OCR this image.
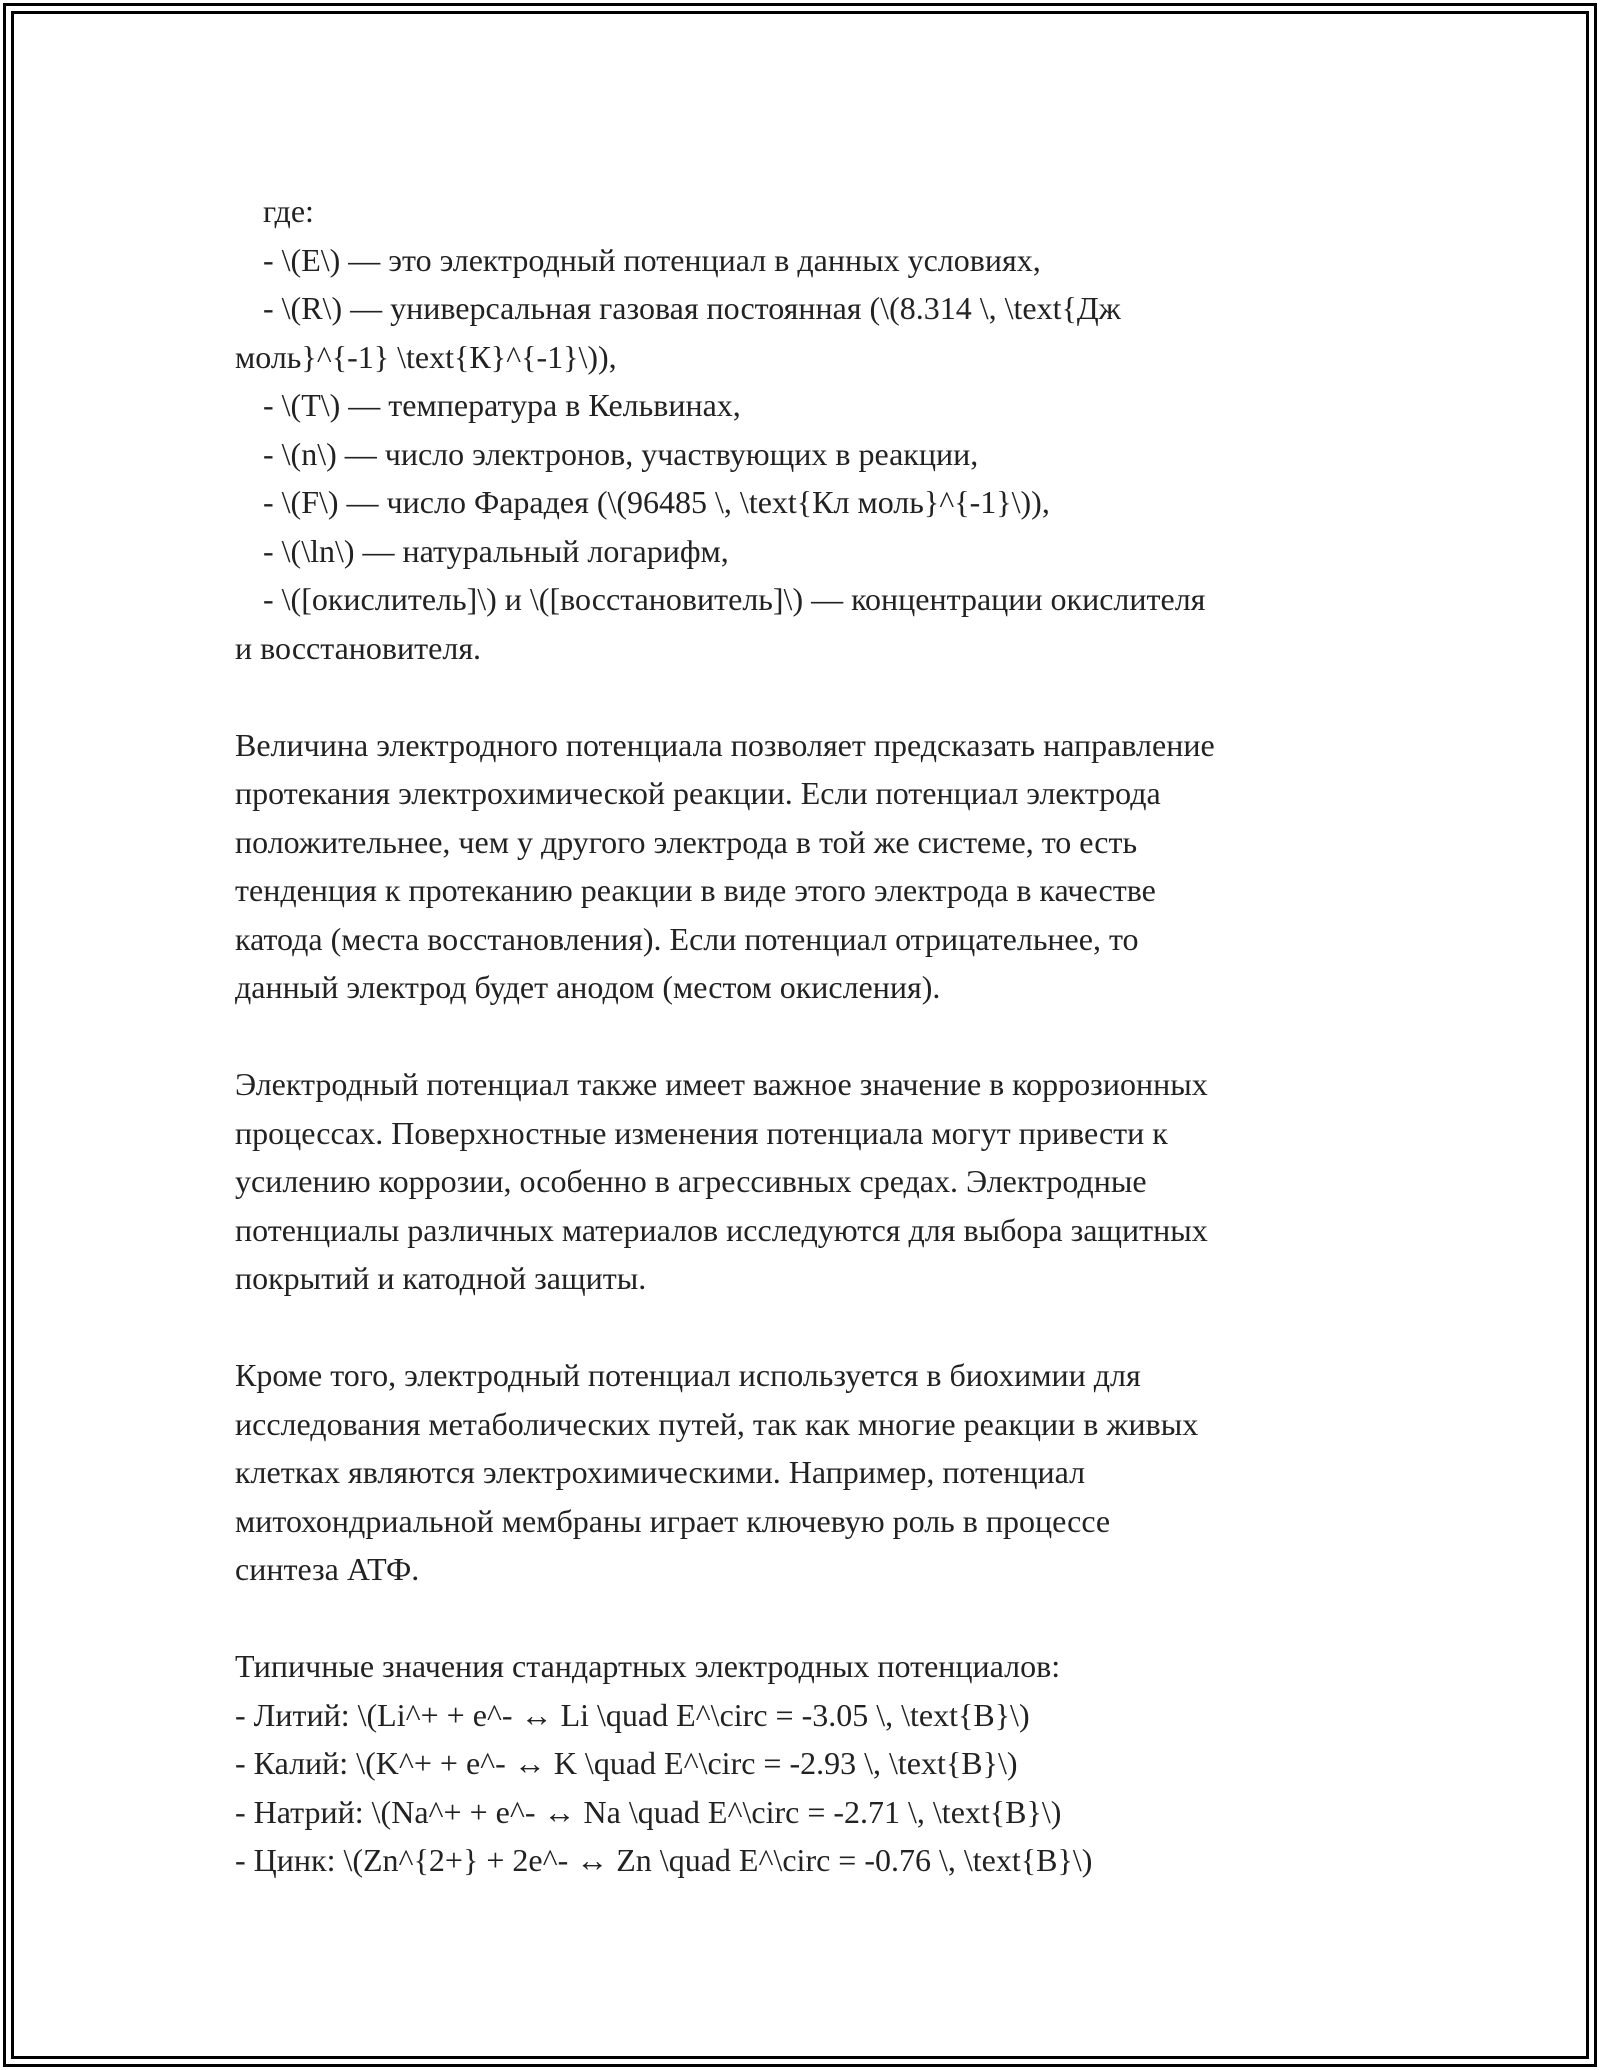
где:
- \(E\) — это электродный потенциал в данных условиях,
- \(R\) — универсальная газовая постоянная (\(8.314 \, \text{Дж
моль}^{-1} \text{К}^{-1}\)),
- \(T\) — температура в Кельвинах,
- \(n\) — число электронов, участвующих в реакции,
- \(F\) — число Фарадея (\(96485 \, \text{Кл моль}^{-1}\)),
- \(\ln\) — натуральный логарифм,
- \([окислитель]\) и \([восстановитель]\) — концентрации окислителя
и восстановителя.

Величина электродного потенциала позволяет предсказать направление
протекания электрохимической реакции. Если потенциал электрода
положительнее, чем у другого электрода в той же системе, то есть
тенденция к протеканию реакции в виде этого электрода в качестве
катода (места восстановления). Если потенциал отрицательнее, то
данный электрод будет анодом (местом окисления).

Электродный потенциал также имеет важное значение в коррозионных
процессах. Поверхностные изменения потенциала могут привести к
усилению коррозии, особенно в агрессивных средах. Электродные
потенциалы различных материалов исследуются для выбора защитных
покрытий и катодной защиты.

Кроме того, электродный потенциал используется в биохимии для
исследования метаболических путей, так как многие реакции в живых
клетках являются электрохимическими. Например, потенциал
митохондриальной мембраны играет ключевую роль в процессе
синтеза АТФ.

Типичные значения стандартных электродных потенциалов:
- Литий: \(Li^+ + e^- ↔ Li \quad E^\circ = -3.05 \, \text{В}\)
- Калий: \(K^+ + e^- ↔ K \quad E^\circ = -2.93 \, \text{В}\)
- Натрий: \(Na^+ + e^- ↔ Na \quad E^\circ = -2.71 \, \text{В}\)
- Цинк: \(Zn^{2+} + 2e^- ↔ Zn \quad E^\circ = -0.76 \, \text{В}\)
